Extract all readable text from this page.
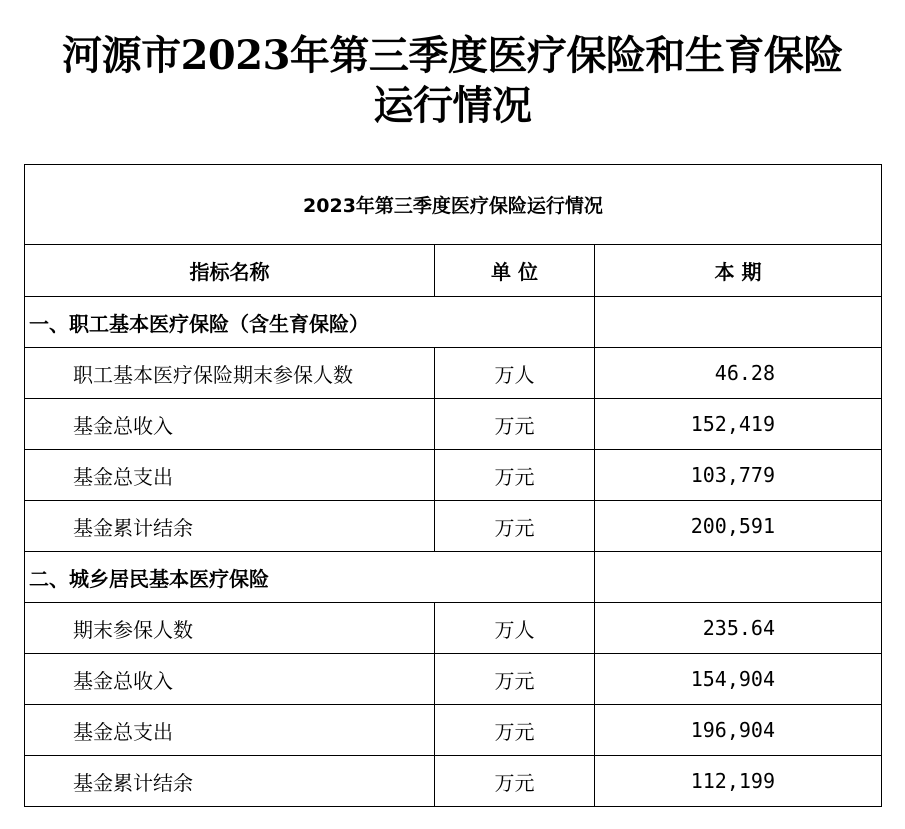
河源市2023年第三季度医疗保险和生育保险
运行情况
2023年第三季度医疗保险运行情况		
指标名称	单 位	本 期
一、职工基本医疗保险（含生育保险）		
职工基本医疗保险期末参保人数	万人	46.28
基金总收入	万元	152,419
基金总支出	万元	103,779
基金累计结余	万元	200,591
二、城乡居民基本医疗保险		
期末参保人数	万人	235.64
基金总收入	万元	154,904
基金总支出	万元	196,904
基金累计结余	万元	112,199
